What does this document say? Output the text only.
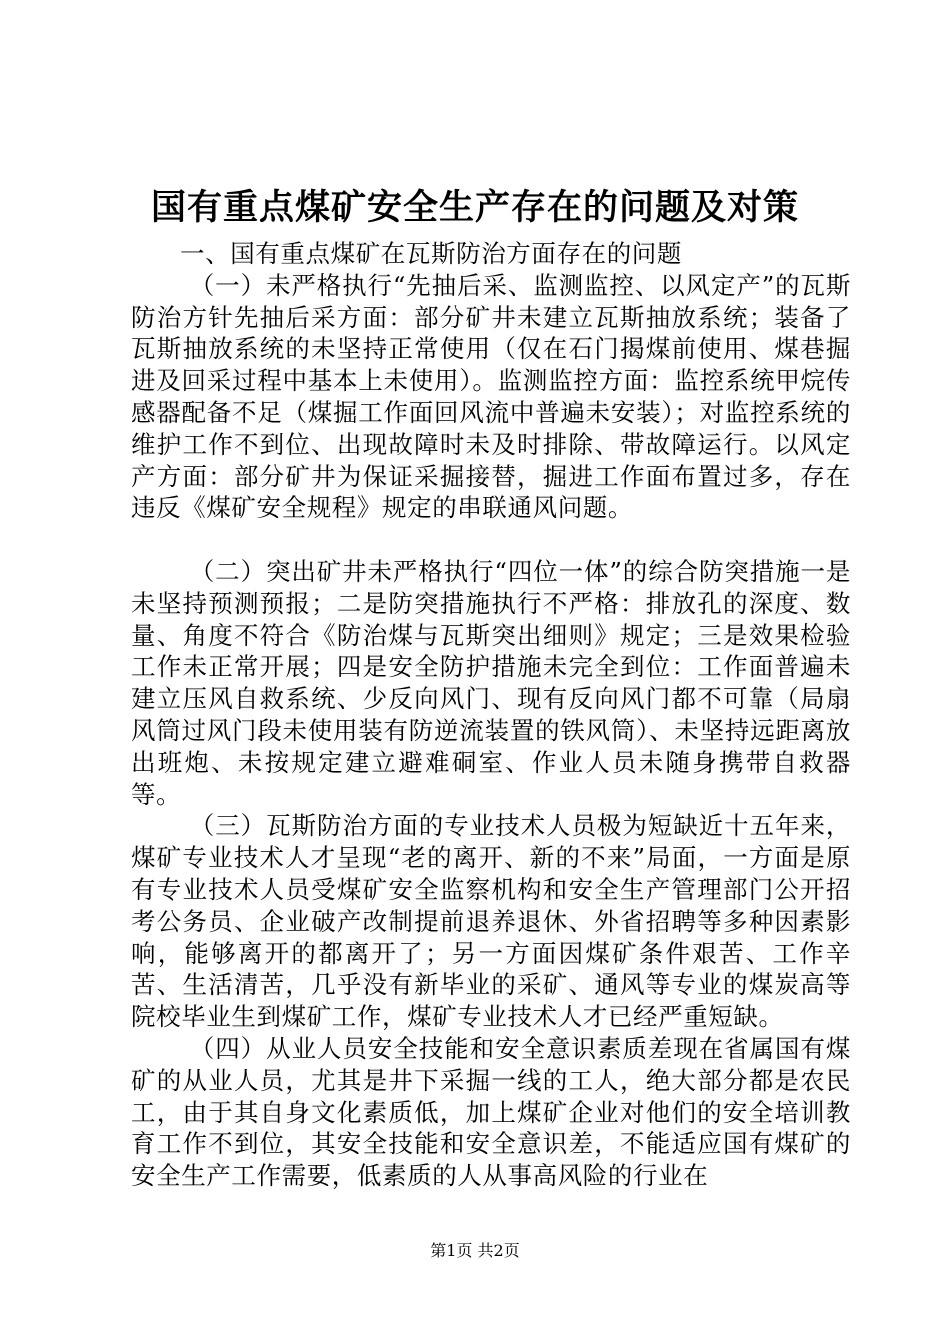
国有重点煤矿安全生产存在的问题及对策

一、国有重点煤矿在瓦斯防治方面存在的问题

（一）未严格执行“先抽后采、监测监控、以风定产”的瓦斯防治方针先抽后采方面：部分矿井未建立瓦斯抽放系统；装备了瓦斯抽放系统的未坚持正常使用（仅在石门揭煤前使用、煤巷掘进及回采过程中基本上未使用）。监测监控方面：监控系统甲烷传感器配备不足（煤掘工作面回风流中普遍未安装）；对监控系统的维护工作不到位、出现故障时未及时排除、带故障运行。以风定产方面：部分矿井为保证采掘接替，掘进工作面布置过多，存在违反《煤矿安全规程》规定的串联通风问题。

（二）突出矿井未严格执行“四位一体”的综合防突措施一是未坚持预测预报；二是防突措施执行不严格：排放孔的深度、数量、角度不符合《防治煤与瓦斯突出细则》规定；三是效果检验工作未正常开展；四是安全防护措施未完全到位：工作面普遍未建立压风自救系统、少反向风门、现有反向风门都不可靠（局扇风筒过风门段未使用装有防逆流装置的铁风筒）、未坚持远距离放出班炮、未按规定建立避难硐室、作业人员未随身携带自救器等。

（三）瓦斯防治方面的专业技术人员极为短缺近十五年来，煤矿专业技术人才呈现“老的离开、新的不来”局面，一方面是原有专业技术人员受煤矿安全监察机构和安全生产管理部门公开招考公务员、企业破产改制提前退养退休、外省招聘等多种因素影响，能够离开的都离开了；另一方面因煤矿条件艰苦、工作辛苦、生活清苦，几乎没有新毕业的采矿、通风等专业的煤炭高等院校毕业生到煤矿工作，煤矿专业技术人才已经严重短缺。

（四）从业人员安全技能和安全意识素质差现在省属国有煤矿的从业人员，尤其是井下采掘一线的工人，绝大部分都是农民工，由于其自身文化素质低，加上煤矿企业对他们的安全培训教育工作不到位，其安全技能和安全意识差，不能适应国有煤矿的安全生产工作需要，低素质的人从事高风险的行业在

第1页 共2页
